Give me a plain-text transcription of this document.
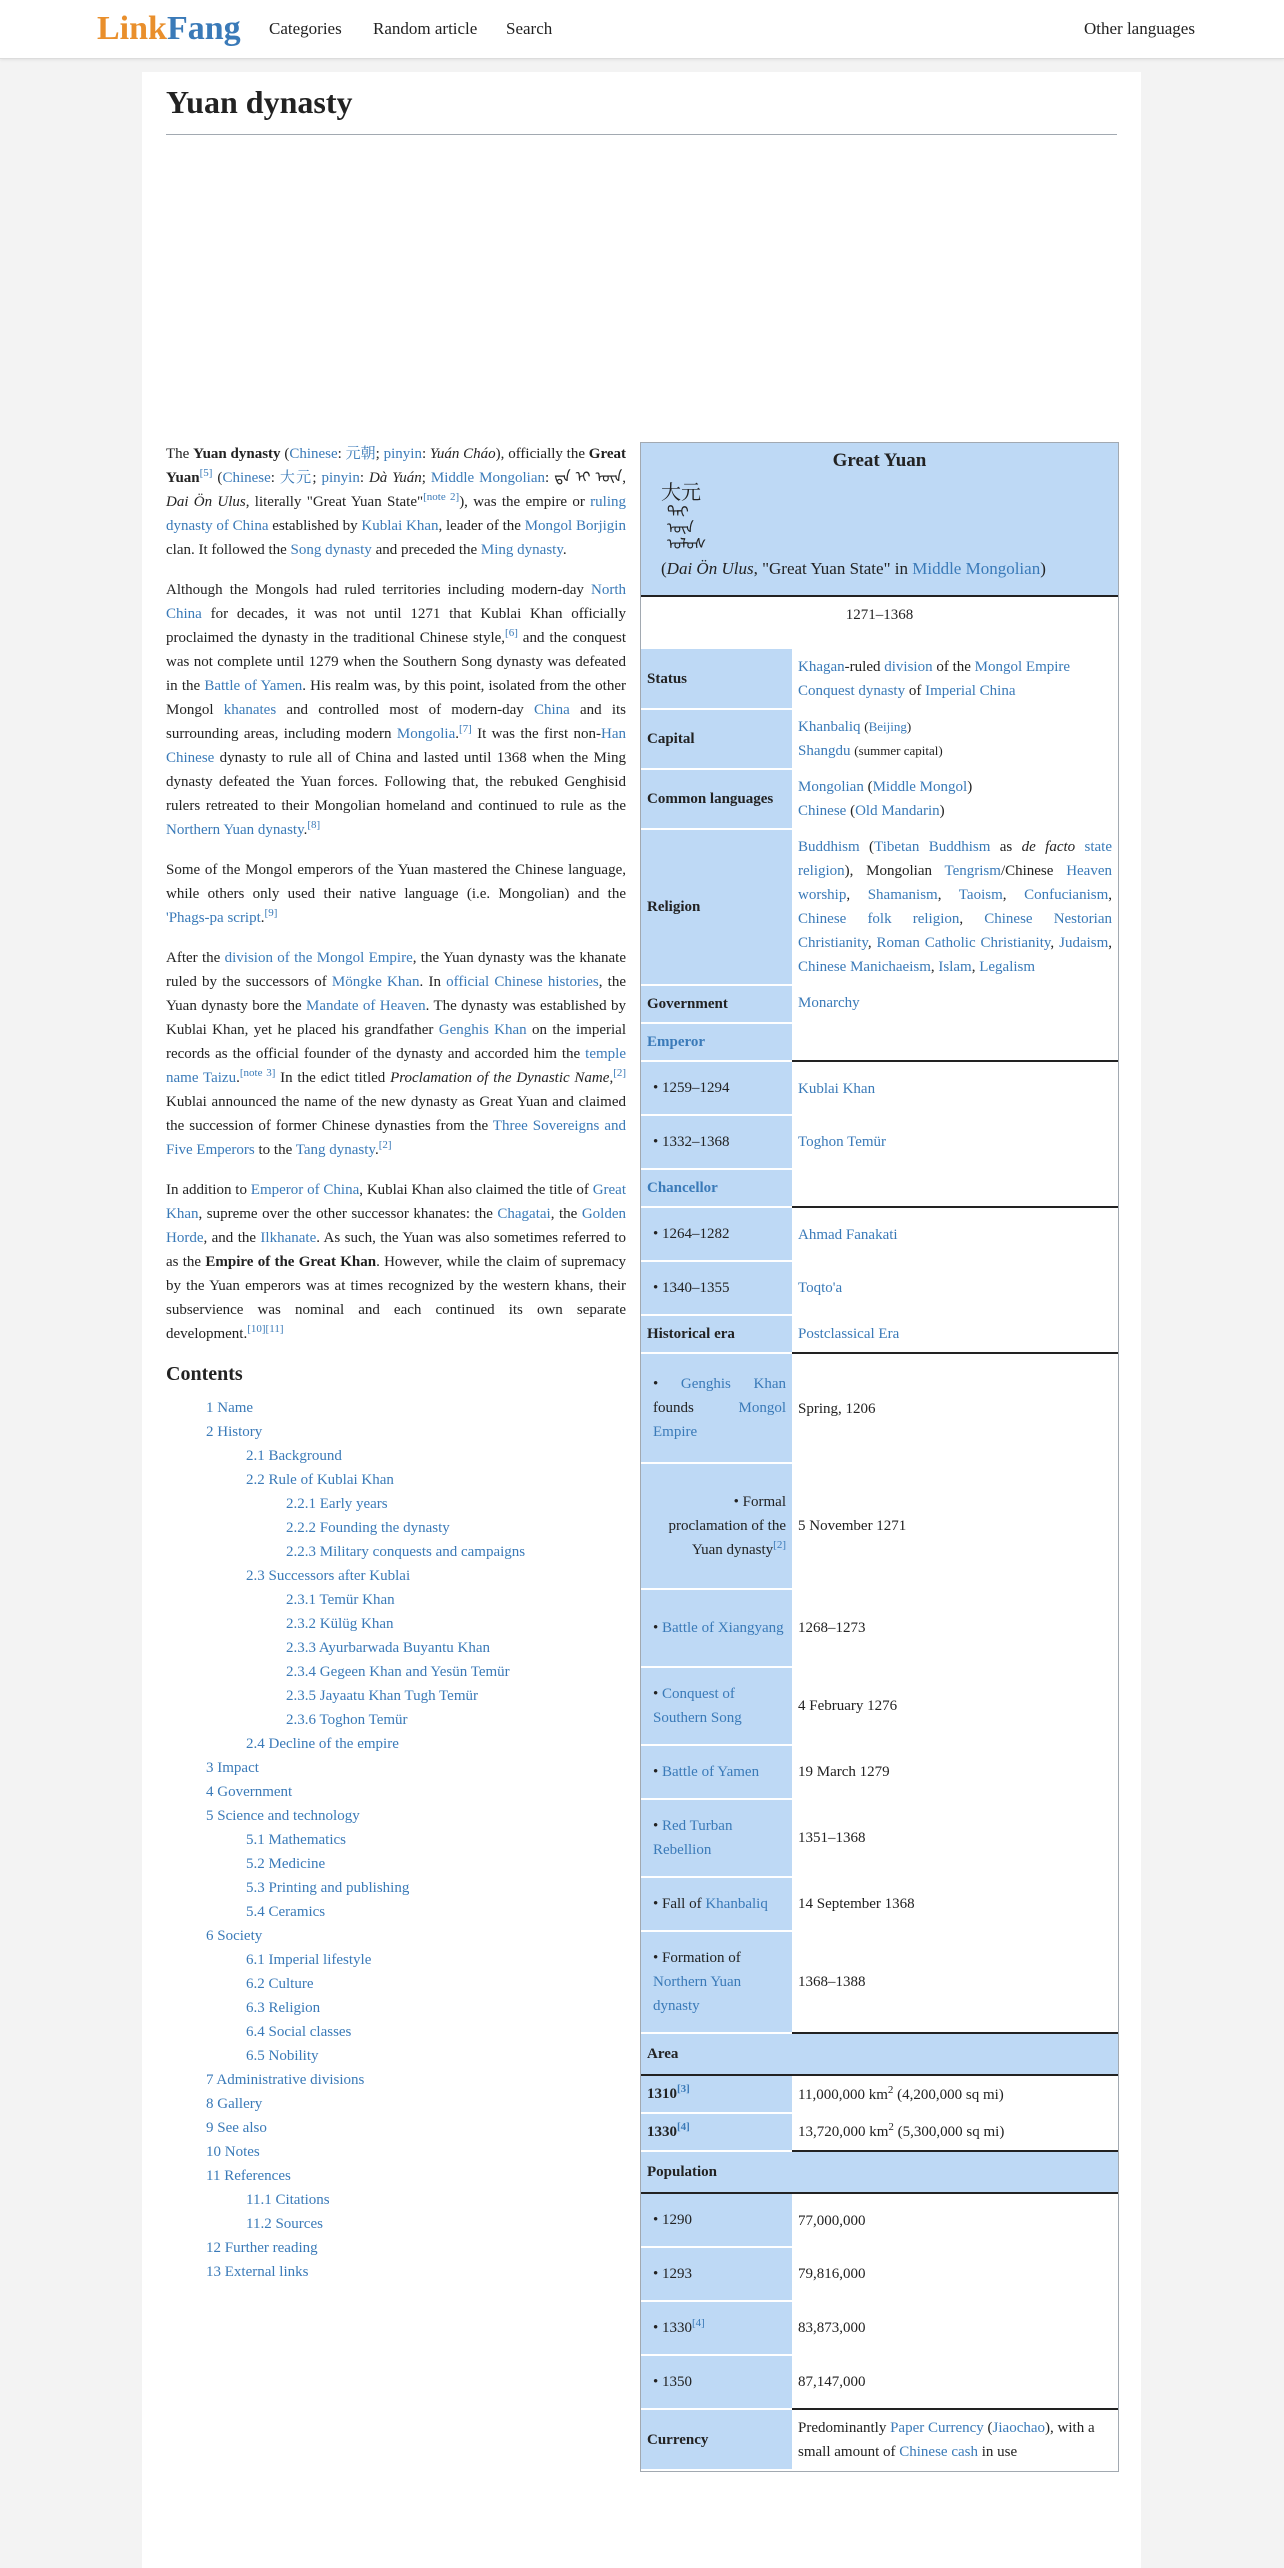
LinkFang Categories Random article Search	Other languages
Yuan dynasty

The Yuan dynasty (Chinese: 元朝; pinyin: Yuán Cháo), officially the Great Yuan[5] (Chinese: 大元; pinyin: Dà Yuán; Middle Mongolian: ᠳᠠ ᠢ ᠦᠨ, Dai Ön Ulus, literally "Great Yuan State"[note 2]), was the empire or ruling dynasty of China established by Kublai Khan, leader of the Mongol Borjigin clan. It followed the Song dynasty and preceded the Ming dynasty.

Although the Mongols had ruled territories including modern-day North China for decades, it was not until 1271 that Kublai Khan officially proclaimed the dynasty in the traditional Chinese style,[6] and the conquest was not complete until 1279 when the Southern Song dynasty was defeated in the Battle of Yamen. His realm was, by this point, isolated from the other Mongol khanates and controlled most of modern-day China and its surrounding areas, including modern Mongolia.[7] It was the first non-Han Chinese dynasty to rule all of China and lasted until 1368 when the Ming dynasty defeated the Yuan forces. Following that, the rebuked Genghisid rulers retreated to their Mongolian homeland and continued to rule as the Northern Yuan dynasty.[8]

Some of the Mongol emperors of the Yuan mastered the Chinese language, while others only used their native language (i.e. Mongolian) and the 'Phags-pa script.[9]

After the division of the Mongol Empire, the Yuan dynasty was the khanate ruled by the successors of Möngke Khan. In official Chinese histories, the Yuan dynasty bore the Mandate of Heaven. The dynasty was established by Kublai Khan, yet he placed his grandfather Genghis Khan on the imperial records as the official founder of the dynasty and accorded him the temple name Taizu.[note 3] In the edict titled Proclamation of the Dynastic Name,[2] Kublai announced the name of the new dynasty as Great Yuan and claimed the succession of former Chinese dynasties from the Three Sovereigns and Five Emperors to the Tang dynasty.[2]

In addition to Emperor of China, Kublai Khan also claimed the title of Great Khan, supreme over the other successor khanates: the Chagatai, the Golden Horde, and the Ilkhanate. As such, the Yuan was also sometimes referred to as the Empire of the Great Khan. However, while the claim of supremacy by the Yuan emperors was at times recognized by the western khans, their subservience was nominal and each continued its own separate development.[10][11]

Contents
1 Name
2 History
2.1 Background
2.2 Rule of Kublai Khan
2.2.1 Early years
2.2.2 Founding the dynasty
2.2.3 Military conquests and campaigns
2.3 Successors after Kublai
2.3.1 Temür Khan
2.3.2 Külüg Khan
2.3.3 Ayurbarwada Buyantu Khan
2.3.4 Gegeen Khan and Yesün Temür
2.3.5 Jayaatu Khan Tugh Temür
2.3.6 Toghon Temür
2.4 Decline of the empire
3 Impact
4 Government
5 Science and technology
5.1 Mathematics
5.2 Medicine
5.3 Printing and publishing
5.4 Ceramics
6 Society
6.1 Imperial lifestyle
6.2 Culture
6.3 Religion
6.4 Social classes
6.5 Nobility
7 Administrative divisions
8 Gallery
9 See also
10 Notes
11 References
11.1 Citations
11.2 Sources
12 Further reading
13 External links
Great Yuan
大元
ᠳᠠᠢ ᠥᠨ ᠤᠯᠤᠰ
(Dai Ön Ulus, "Great Yuan State" in Middle Mongolian)
1271–1368
Status	Khagan-ruled division of the Mongol Empire
Conquest dynasty of Imperial China
Capital	Khanbaliq (Beijing)
Shangdu (summer capital)
Common languages	Mongolian (Middle Mongol)
Chinese (Old Mandarin)
Religion	Buddhism (Tibetan Buddhism as de facto state religion), Mongolian Tengrism/Chinese Heaven worship, Shamanism, Taoism, Confucianism, Chinese folk religion, Chinese Nestorian Christianity, Roman Catholic Christianity, Judaism, Chinese Manichaeism, Islam, Legalism
Government	Monarchy
Emperor	
• 1259–1294	Kublai Khan
• 1332–1368	Toghon Temür
Chancellor	
• 1264–1282	Ahmad Fanakati
• 1340–1355	Toqto'a
Historical era	Postclassical Era
• Genghis Khan founds Mongol Empire	Spring, 1206
• Formal proclamation of the Yuan dynasty[2]	5 November 1271
• Battle of Xiangyang	1268–1273
• Conquest of Southern Song	4 February 1276
• Battle of Yamen	19 March 1279
• Red Turban Rebellion	1351–1368
• Fall of Khanbaliq	14 September 1368
• Formation of Northern Yuan dynasty	1368–1388
Area	
1310[3]	11,000,000 $km^2$ (4,200,000 sq mi)
1330[4]	13,720,000 $km^2$ (5,300,000 sq mi)
Population	
• 1290	77,000,000
• 1293	79,816,000
• 1330[4]	83,873,000
• 1350	87,147,000
Currency	Predominantly Paper Currency (Jiaochao), with a small amount of Chinese cash in use
